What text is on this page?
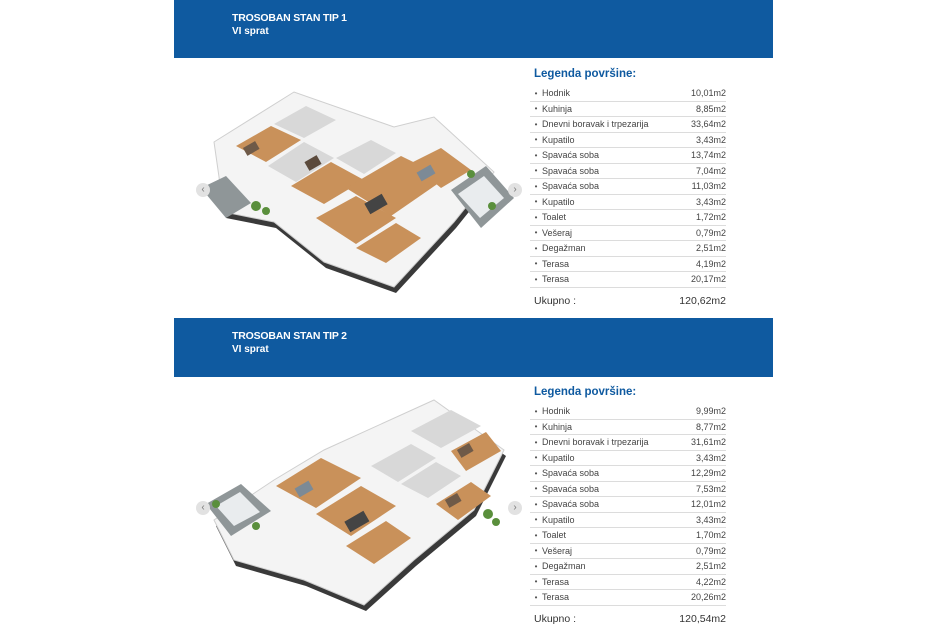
TROSOBAN STAN TIP 1
VI sprat
‹	›
Legenda površine:
• Hodnik	10,01m2
• Kuhinja	8,85m2
• Dnevni boravak i trpezarija	33,64m2
• Kupatilo	3,43m2
• Spavaća soba	13,74m2
• Spavaća soba	7,04m2
• Spavaća soba	11,03m2
• Kupatilo	3,43m2
• Toalet	1,72m2
• Vešeraj	0,79m2
• Degažman	2,51m2
• Terasa	4,19m2
• Terasa	20,17m2
Ukupno :	120,62m2
TROSOBAN STAN TIP 2
VI sprat
‹	›
Legenda površine:
• Hodnik	9,99m2
• Kuhinja	8,77m2
• Dnevni boravak i trpezarija	31,61m2
• Kupatilo	3,43m2
• Spavaća soba	12,29m2
• Spavaća soba	7,53m2
• Spavaća soba	12,01m2
• Kupatilo	3,43m2
• Toalet	1,70m2
• Vešeraj	0,79m2
• Degažman	2,51m2
• Terasa	4,22m2
• Terasa	20,26m2
Ukupno :	120,54m2
